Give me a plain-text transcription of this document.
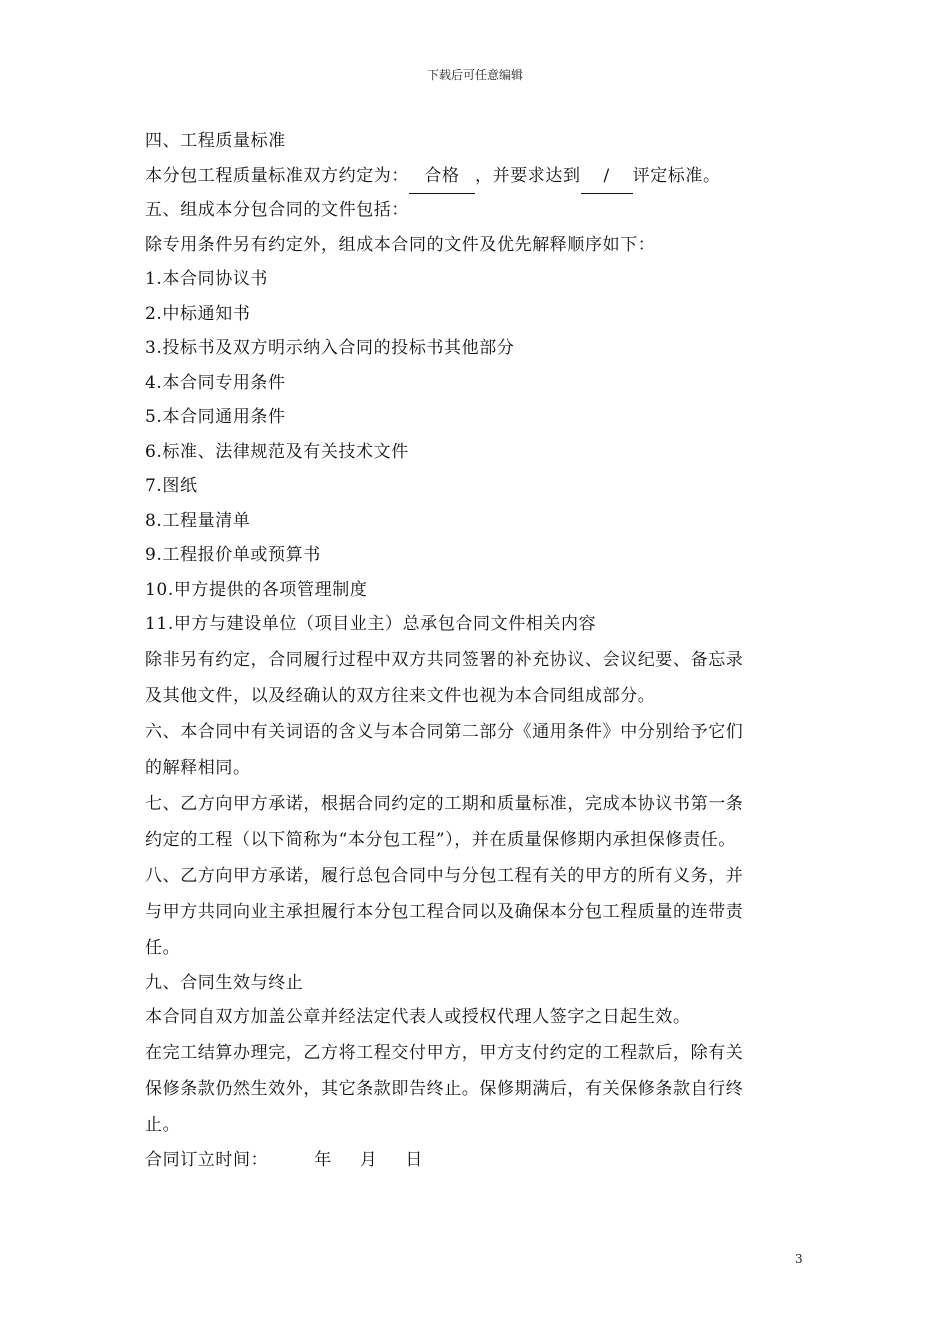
下载后可任意编辑
四、工程质量标准
本分包工程质量标准双方约定为： 合格 ，并要求达到 / 评定标准。
五、组成本分包合同的文件包括：
除专用条件另有约定外，组成本合同的文件及优先解释顺序如下：
1.本合同协议书
2.中标通知书
3.投标书及双方明示纳入合同的投标书其他部分
4.本合同专用条件
5.本合同通用条件
6.标准、法律规范及有关技术文件
7.图纸
8.工程量清单
9.工程报价单或预算书
10.甲方提供的各项管理制度
11.甲方与建设单位（项目业主）总承包合同文件相关内容
除非另有约定，合同履行过程中双方共同签署的补充协议、会议纪要、备忘录
及其他文件，以及经确认的双方往来文件也视为本合同组成部分。
六、本合同中有关词语的含义与本合同第二部分《通用条件》中分别给予它们
的解释相同。
七、乙方向甲方承诺，根据合同约定的工期和质量标准，完成本协议书第一条
约定的工程（以下简称为“本分包工程”），并在质量保修期内承担保修责任。
八、乙方向甲方承诺，履行总包合同中与分包工程有关的甲方的所有义务，并
与甲方共同向业主承担履行本分包工程合同以及确保本分包工程质量的连带责
任。
九、合同生效与终止
本合同自双方加盖公章并经法定代表人或授权代理人签字之日起生效。
在完工结算办理完，乙方将工程交付甲方，甲方支付约定的工程款后，除有关
保修条款仍然生效外，其它条款即告终止。保修期满后，有关保修条款自行终
止。
合同订立时间：	年 月 日
3
